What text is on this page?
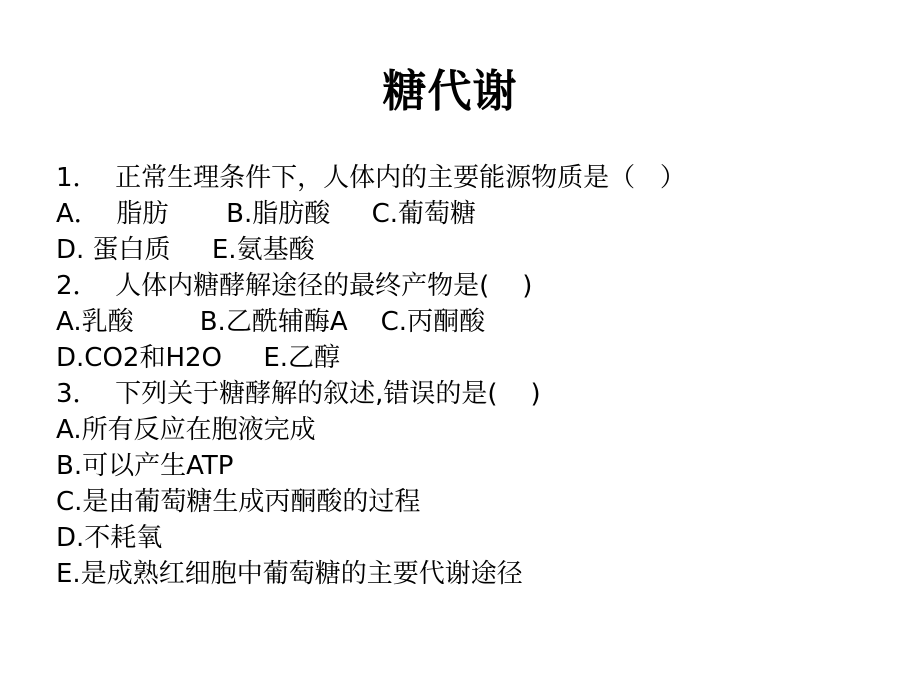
糖代谢
1．  正常生理条件下，人体内的主要能源物质是（   ）
A．  脂肪       B.脂肪酸     C.葡萄糖
D. 蛋白质     E.氨基酸
2．  人体内糖酵解途径的最终产物是(    )
A.乳酸        B.乙酰辅酶A    C.丙酮酸
D.CO2和H2O     E.乙醇
3．  下列关于糖酵解的叙述,错误的是(    )
A.所有反应在胞液完成
B.可以产生ATP
C.是由葡萄糖生成丙酮酸的过程
D.不耗氧
E.是成熟红细胞中葡萄糖的主要代谢途径
